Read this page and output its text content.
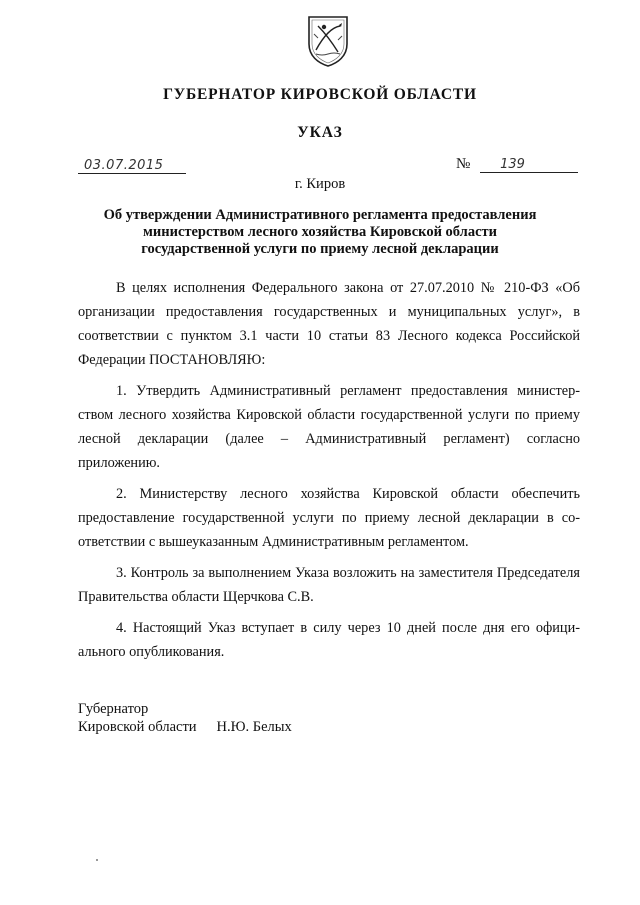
ГУБЕРНАТОР КИРОВСКОЙ ОБЛАСТИ
УКАЗ
03.07.2015	№ 139
г. Киров
Об утверждении Административного регламента предоставления
министерством лесного хозяйства Кировской области
государственной услуги по приему лесной декларации

В целях исполнения Федерального закона от 27.07.2010 № 210-ФЗ «Об организации предоставления государственных и муниципальных услуг», в соответствии с пунктом 3.1 части 10 статьи 83 Лесного кодекса Российской Федерации ПОСТАНОВЛЯЮ:

1. Утвердить Административный регламент предоставления министерством лесного хозяйства Кировской области государственной услуги по приему лесной декларации (далее – Административный регламент) согласно приложению.

2. Министерству лесного хозяйства Кировской области обеспечить предоставление государственной услуги по приему лесной декларации в соответствии с вышеуказанным Административным регламентом.

3. Контроль за выполнением Указа возложить на заместителя Председателя Правительства области Щерчкова С.В.

4. Настоящий Указ вступает в силу через 10 дней после дня его официального опубликования.

Губернатор
Кировской области Н.Ю. Белых
